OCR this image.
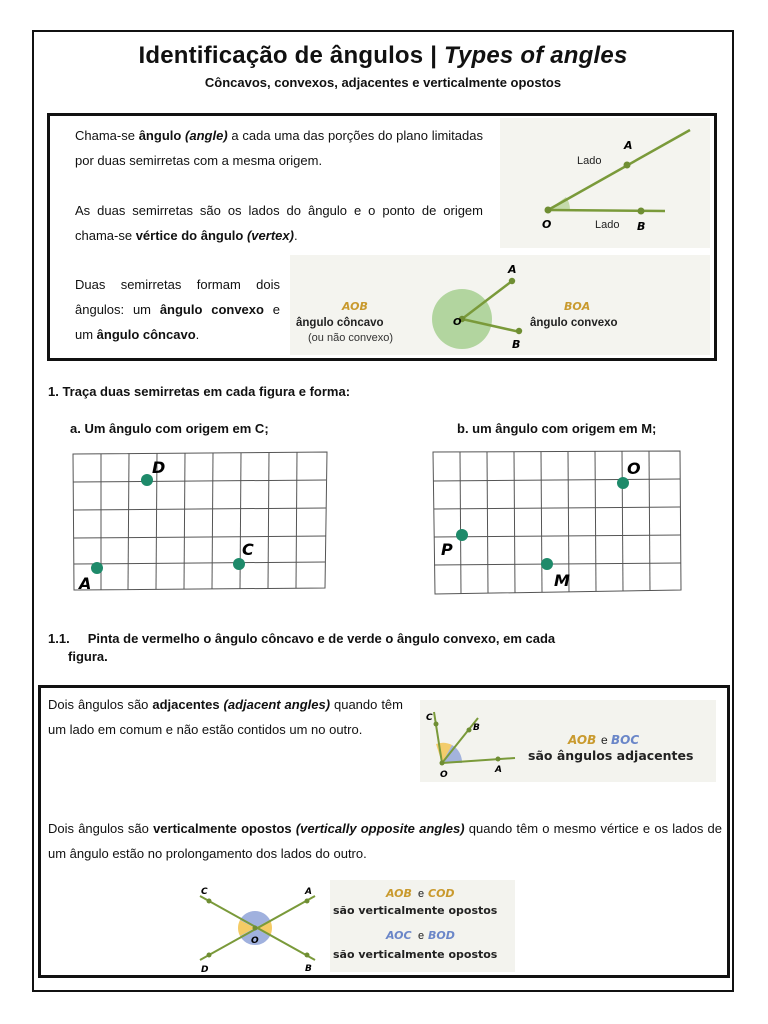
Identificação de ângulos | Types of angles
Côncavos, convexos, adjacentes e verticalmente opostos
Chama-se ângulo (angle) a cada uma das porções do plano limitadas por duas semirretas com a mesma origem.
As duas semirretas são os lados do ângulo e o ponto de origem chama-se vértice do ângulo (vertex).
Duas semirretas formam dois ângulos: um ângulo convexo e um ângulo côncavo.
A
O	B
Lado
Lado
A
O
B
AOB
ângulo côncavo
(ou não convexo)
BOA
ângulo convexo
1. Traça duas semirretas em cada figura e forma:
a. Um ângulo com origem em C;	b. um ângulo com origem em M;
D
C
A
O
P
M
1.1. Pinta de vermelho o ângulo côncavo e de verde o ângulo convexo, em cada
figura.
Dois ângulos são adjacentes (adjacent angles) quando têm um lado em comum e não estão contidos um no outro.
C
B
O	A
AOB e BOC
são ângulos adjacentes
Dois ângulos são verticalmente opostos (vertically opposite angles) quando têm o mesmo vértice e os lados de um ângulo estão no prolongamento dos lados do outro.
C	A
O
D	B
AOB e COD
são verticalmente opostos
AOC e BOD
são verticalmente opostos
